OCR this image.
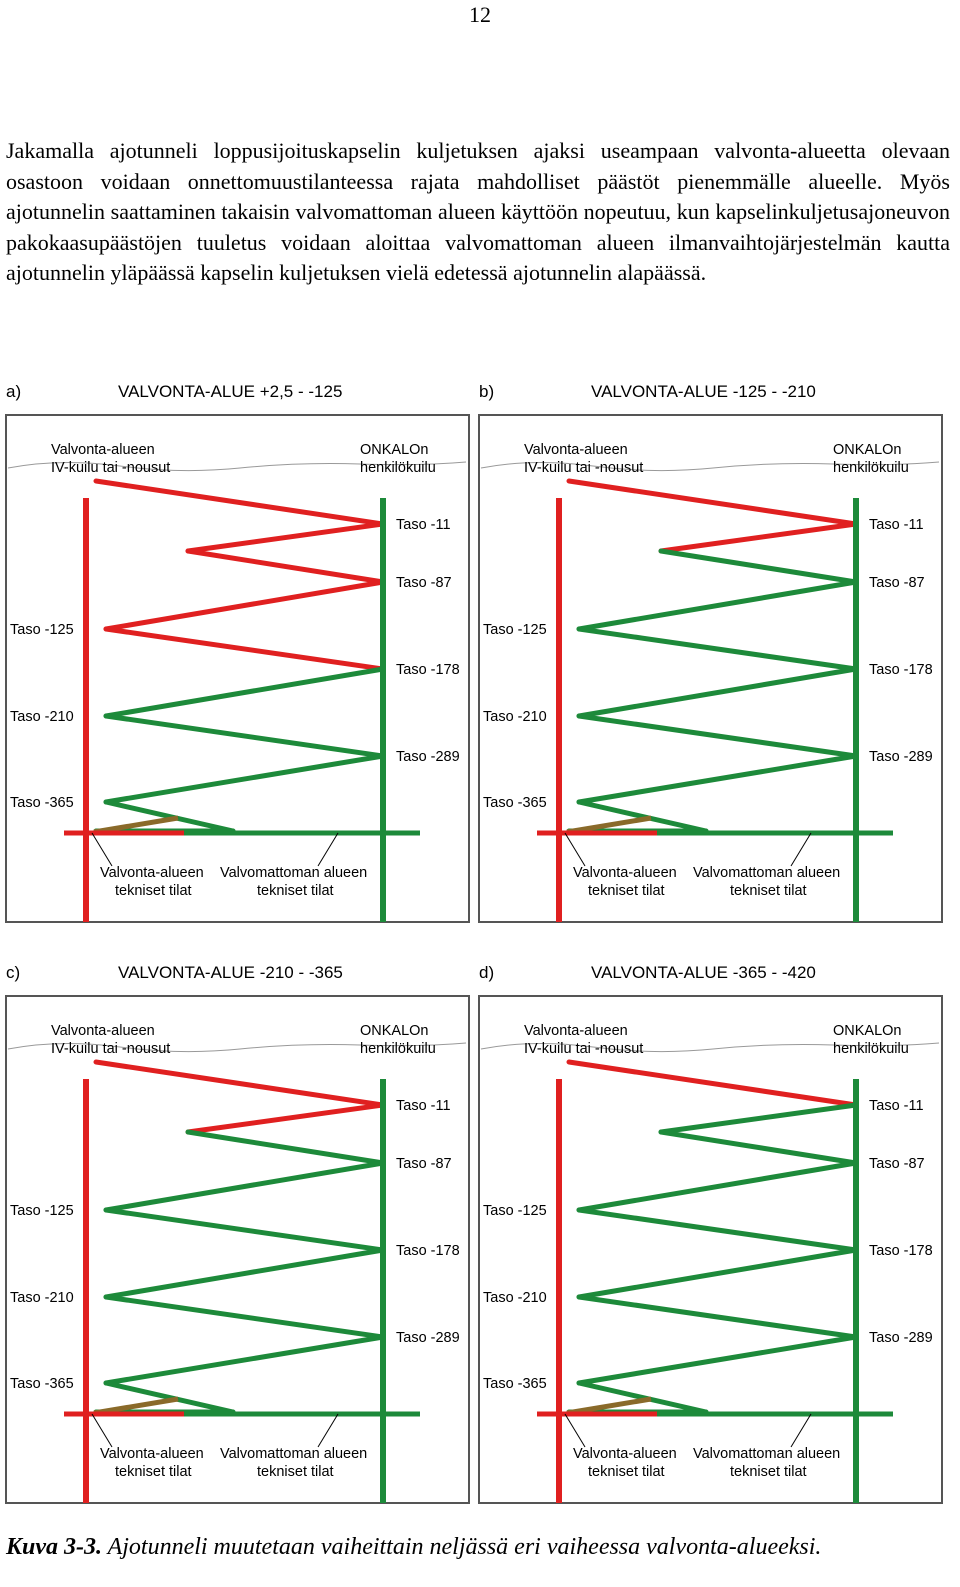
12

Jakamalla ajotunneli loppusijoituskapselin kuljetuksen ajaksi useampaan valvonta-alueetta olevaan osastoon voidaan onnettomuustilanteessa rajata mahdolliset päästöt pienemmälle alueelle. Myös ajotunnelin saattaminen takaisin valvomattoman alueen käyttöön nopeutuu, kun kapselinkuljetusajoneuvon pakokaasupäästöjen tuuletus voidaan aloittaa valvomattoman alueen ilmanvaihtojärjestelmän kautta ajotunnelin yläpäässä kapselin kuljetuksen vielä edetessä ajotunnelin alapäässä.

a)	VALVONTA-ALUE +2,5 - -125
Valvonta-alueen
IV-kuilu tai -nousut
ONKALOn
henkilökuilu
Taso -11
Taso -87
Taso -178
Taso -289
Taso -125
Taso -210
Taso -365
Valvonta-alueen
tekniset tilat
Valvomattoman alueen
tekniset tilat
b)	VALVONTA-ALUE -125 - -210
Valvonta-alueen
IV-kuilu tai -nousut
ONKALOn
henkilökuilu
Taso -11
Taso -87
Taso -178
Taso -289
Taso -125
Taso -210
Taso -365
Valvonta-alueen
tekniset tilat
Valvomattoman alueen
tekniset tilat
c)	VALVONTA-ALUE -210 - -365
Valvonta-alueen
IV-kuilu tai -nousut
ONKALOn
henkilökuilu
Taso -11
Taso -87
Taso -178
Taso -289
Taso -125
Taso -210
Taso -365
Valvonta-alueen
tekniset tilat
Valvomattoman alueen
tekniset tilat
d)	VALVONTA-ALUE -365 - -420
Valvonta-alueen
IV-kuilu tai -nousut
ONKALOn
henkilökuilu
Taso -11
Taso -87
Taso -178
Taso -289
Taso -125
Taso -210
Taso -365
Valvonta-alueen
tekniset tilat
Valvomattoman alueen
tekniset tilat
Kuva 3-3. Ajotunneli muutetaan vaiheittain neljässä eri vaiheessa valvonta-alueeksi.
